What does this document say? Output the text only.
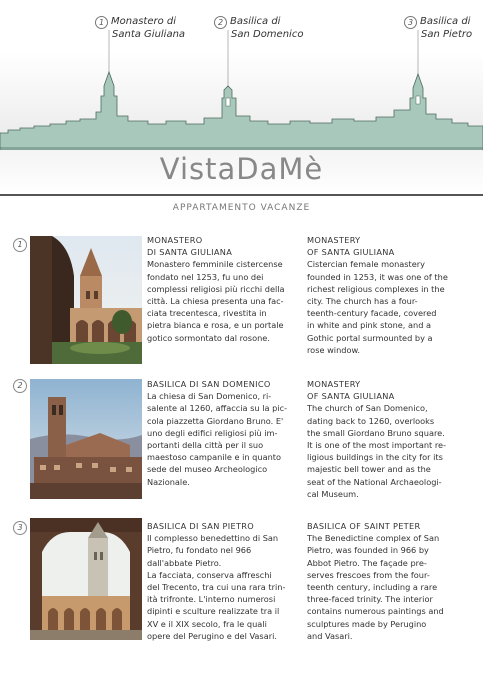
1 Monastero di
Santa Giuliana
2 Basilica di
San Domenico
3 Basilica di
San Pietro
VistaDaMè
APPARTAMENTO VACANZE
1	MONASTERO
DI SANTA GIULIANA
Monastero femminile cistercense
fondato nel 1253, fu uno dei
complessi religiosi più ricchi della
città. La chiesa presenta una fac-
ciata trecentesca, rivestita in
pietra bianca e rosa, e un portale
gotico sormontato dal rosone.
MONASTERY
OF SANTA GIULIANA
Cistercian female monastery
founded in 1253, it was one of the
richest religious complexes in the
city. The church has a four-
teenth-century facade, covered
in white and pink stone, and a
Gothic portal surmounted by a
rose window.
2	BASILICA DI SAN DOMENICO
La chiesa di San Domenico, ri-
salente al 1260, affaccia su la pic-
cola piazzetta Giordano Bruno. E'
uno degli edifici religiosi più im-
portanti della città per il suo
maestoso campanile e in quanto
sede del museo Archeologico
Nazionale.
MONASTERY
OF SANTA GIULIANA
The church of San Domenico,
dating back to 1260, overlooks
the small Giordano Bruno square.
It is one of the most important re-
ligious buildings in the city for its
majestic bell tower and as the
seat of the National Archaeologi-
cal Museum.
3	BASILICA DI SAN PIETRO
Il complesso benedettino di San
Pietro, fu fondato nel 966
dall'abbate Pietro.
La facciata, conserva affreschi
del Trecento, tra cui una rara trin-
ità trifronte. L'interno numerosi
dipinti e sculture realizzate tra il
XV e il XIX secolo, fra le quali
opere del Perugino e del Vasari.
BASILICA OF SAINT PETER
The Benedictine complex of San
Pietro, was founded in 966 by
Abbot Pietro. The façade pre-
serves frescoes from the four-
teenth century, including a rare
three-faced trinity. The interior
contains numerous paintings and
sculptures made by Perugino
and Vasari.
